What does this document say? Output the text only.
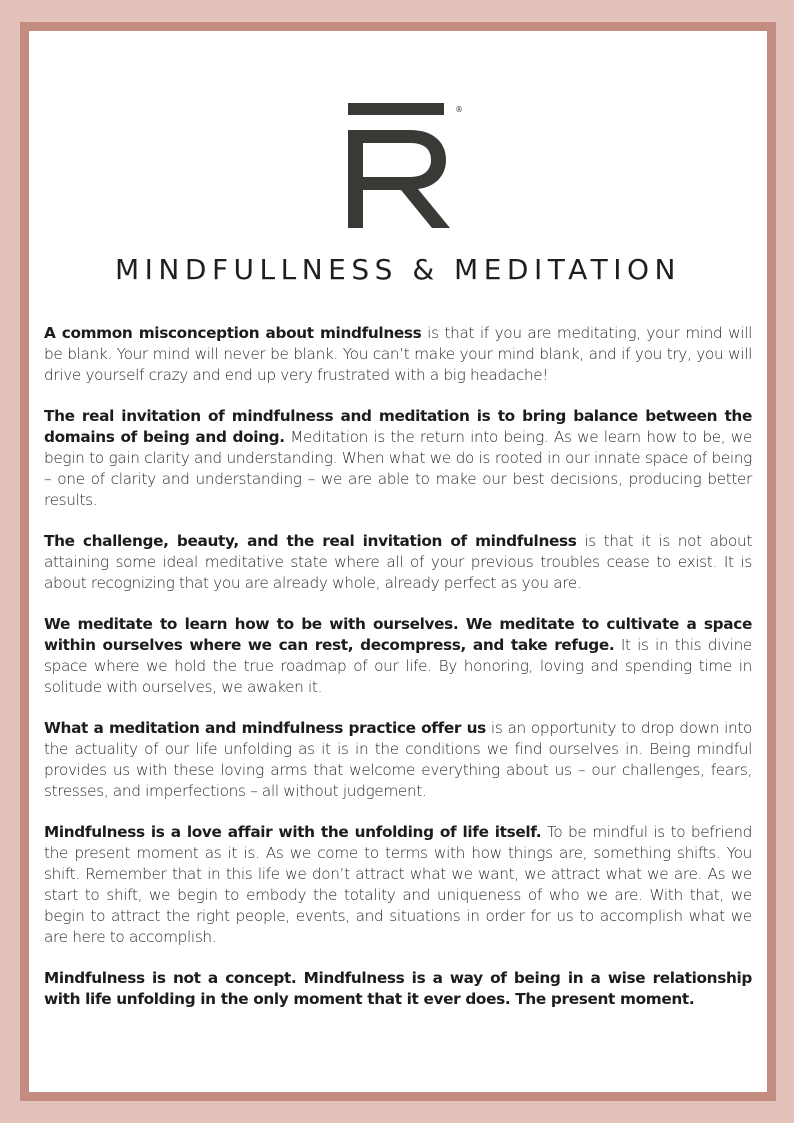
®
MINDFULLNESS & MEDITATION

A common misconception about mindfulness is that if you are meditating, your mind will be blank. Your mind will never be blank. You can’t make your mind blank, and if you try, you will drive yourself crazy and end up very frustrated with a big headache!

The real invitation of mindfulness and meditation is to bring balance between the domains of being and doing. Meditation is the return into being. As we learn how to be, we begin to gain clarity and understanding. When what we do is rooted in our innate space of being – one of clarity and understanding – we are able to make our best decisions, producing better results.

The challenge, beauty, and the real invitation of mindfulness is that it is not about attaining some ideal meditative state where all of your previous troubles cease to exist. It is about recognizing that you are already whole, already perfect as you are.

We meditate to learn how to be with ourselves. We meditate to cultivate a space within ourselves where we can rest, decompress, and take refuge. It is in this divine space where we hold the true roadmap of our life. By honoring, loving and spending time in solitude with ourselves, we awaken it.

What a meditation and mindfulness practice offer us is an opportunity to drop down into the actuality of our life unfolding as it is in the conditions we find ourselves in. Being mindful provides us with these loving arms that welcome everything about us – our challenges, fears, stresses, and imperfections – all without judgement.

Mindfulness is a love affair with the unfolding of life itself. To be mindful is to befriend the present moment as it is. As we come to terms with how things are, something shifts. You shift. Remember that in this life we don’t attract what we want, we attract what we are. As we start to shift, we begin to embody the totality and uniqueness of who we are. With that, we begin to attract the right people, events, and situations in order for us to accomplish what we are here to accomplish.

Mindfulness is not a concept. Mindfulness is a way of being in a wise relationship with life unfolding in the only moment that it ever does. The present moment.
